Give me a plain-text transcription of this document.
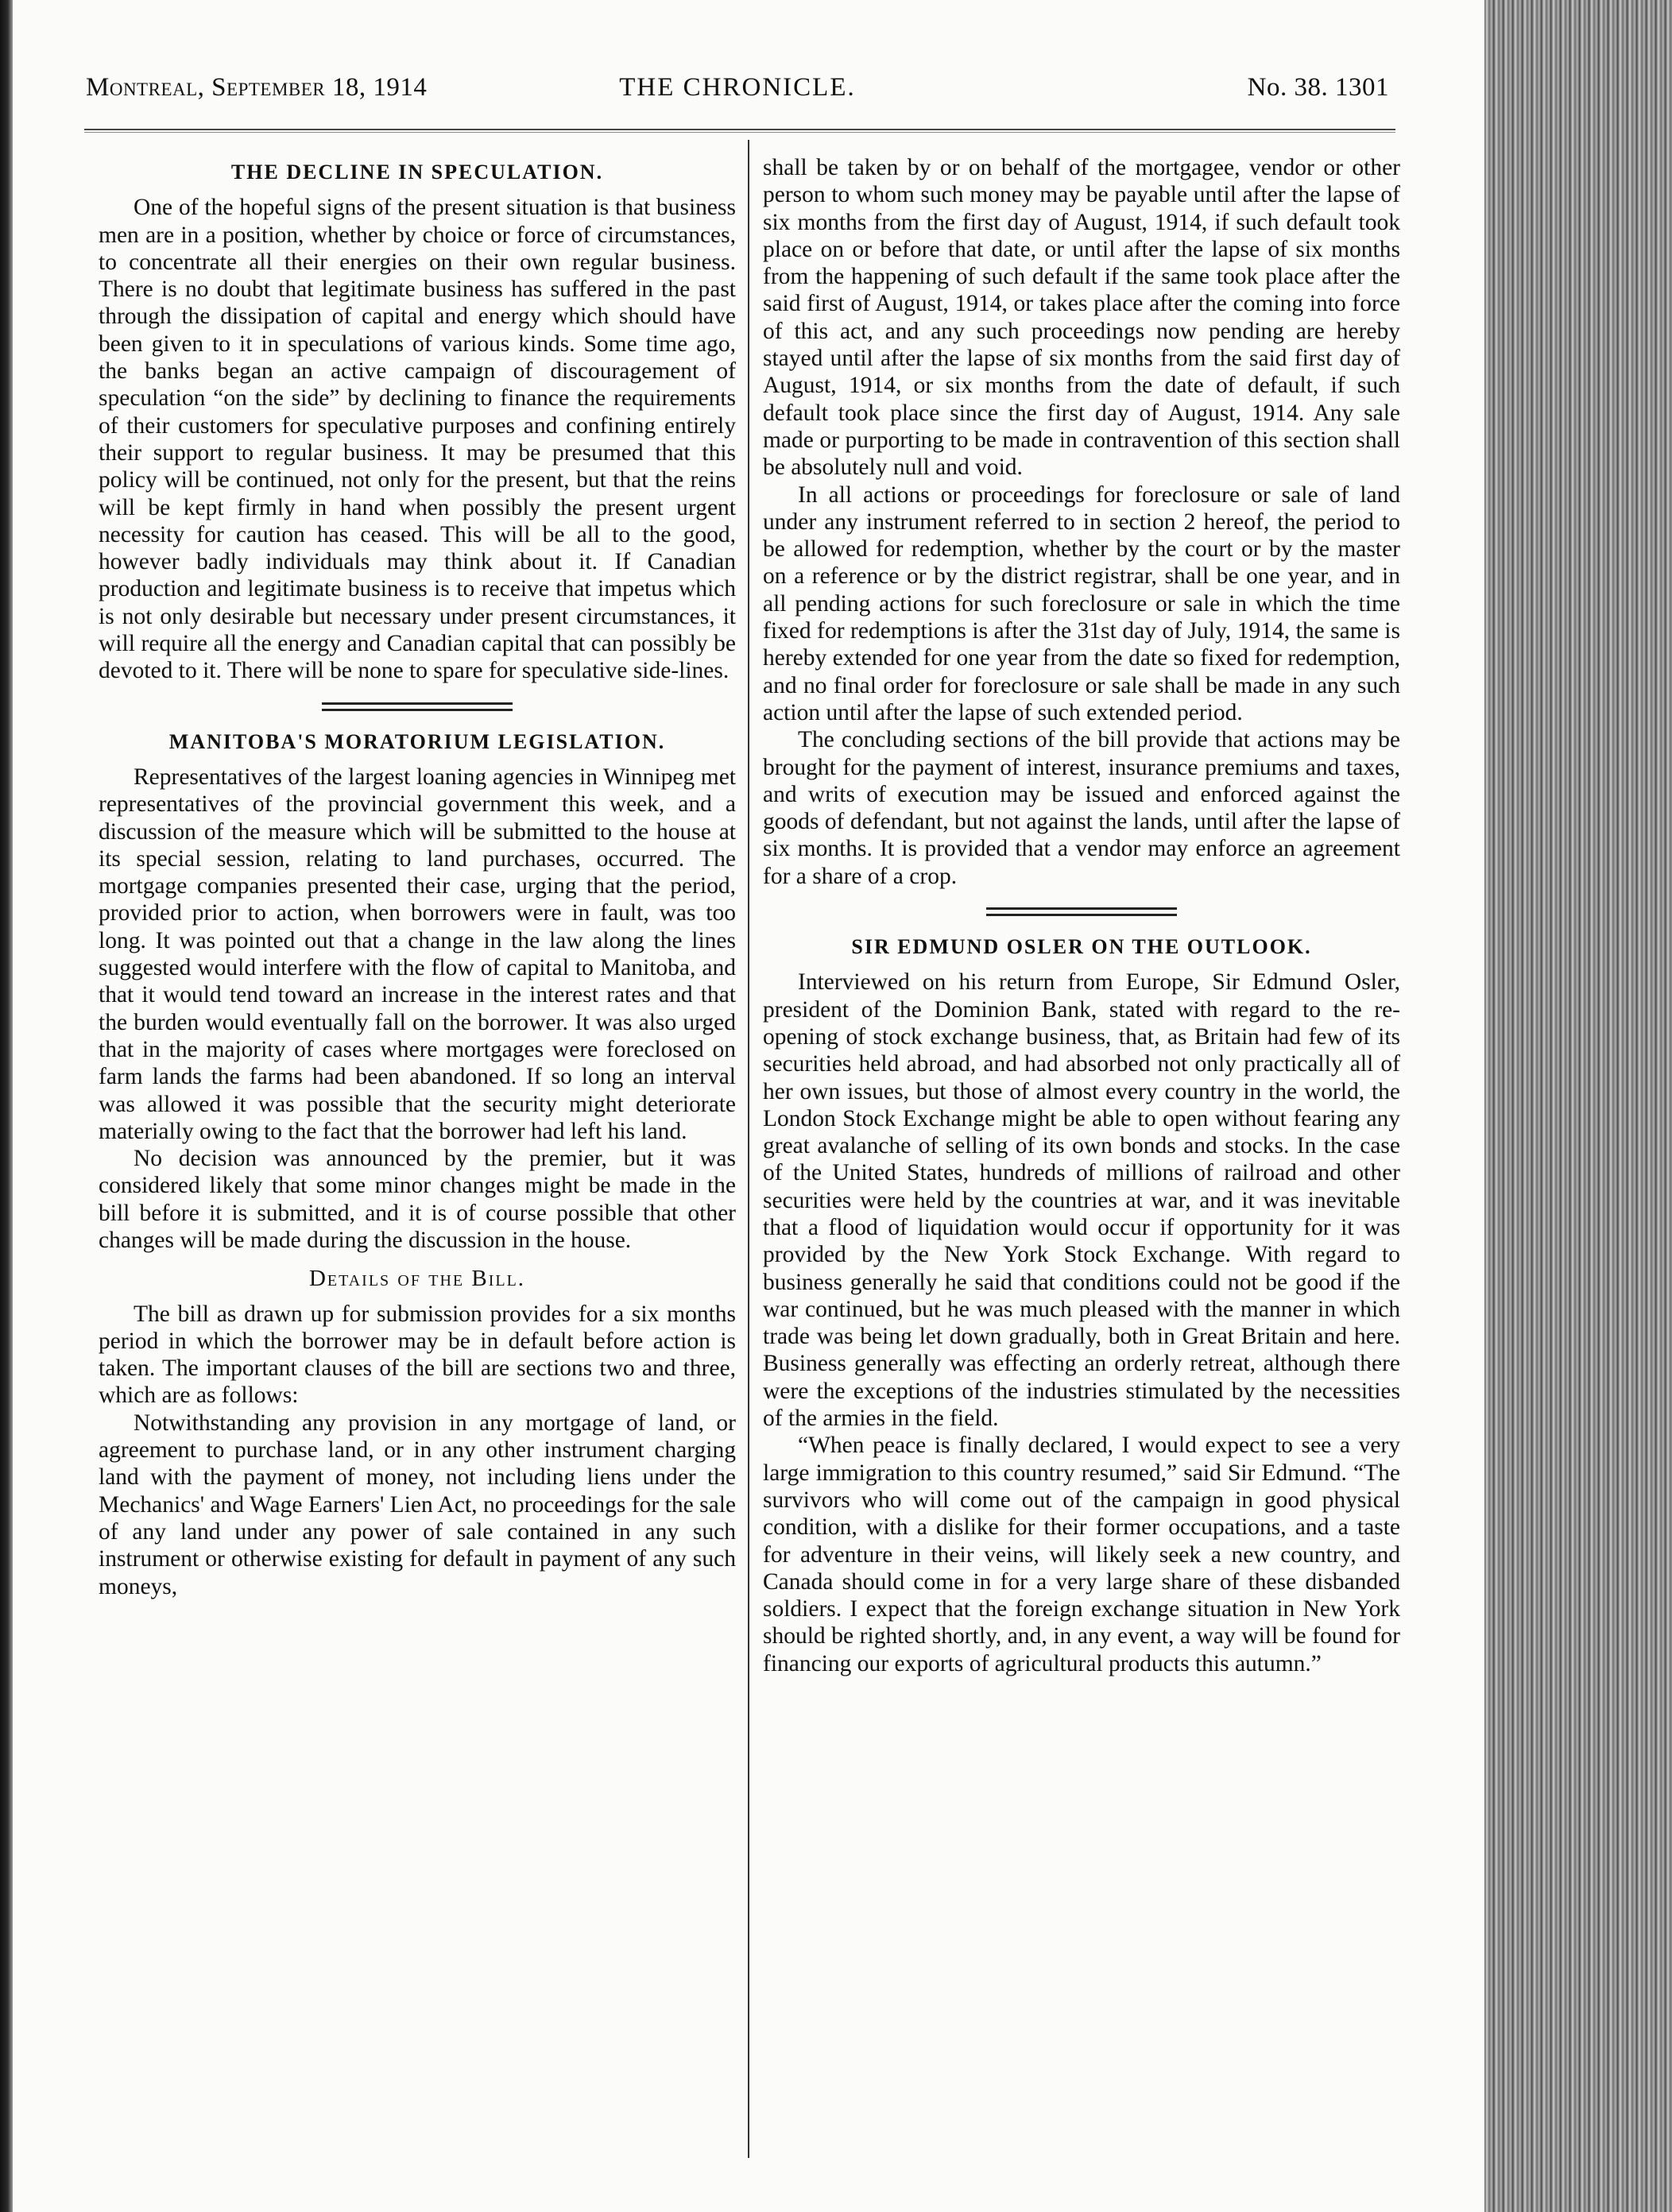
Montreal, September 18, 1914	THE CHRONICLE.	No. 38. 1301
THE DECLINE IN SPECULATION.

One of the hopeful signs of the present situation is that business men are in a position, whether by choice or force of circumstances, to concentrate all their energies on their own regular business. There is no doubt that legitimate business has suffered in the past through the dissipation of capital and energy which should have been given to it in speculations of various kinds. Some time ago, the banks began an active campaign of discouragement of speculation “on the side” by declining to finance the requirements of their customers for speculative purposes and confining entirely their support to regular business. It may be presumed that this policy will be continued, not only for the present, but that the reins will be kept firmly in hand when possibly the present urgent necessity for caution has ceased. This will be all to the good, however badly individuals may think about it. If Canadian production and legitimate business is to receive that impetus which is not only desirable but necessary under present circumstances, it will require all the energy and Canadian capital that can possibly be devoted to it. There will be none to spare for speculative side-lines.

MANITOBA'S MORATORIUM LEGISLATION.

Representatives of the largest loaning agencies in Winnipeg met representatives of the provincial government this week, and a discussion of the measure which will be submitted to the house at its special session, relating to land purchases, occurred. The mortgage companies presented their case, urging that the period, provided prior to action, when borrowers were in fault, was too long. It was pointed out that a change in the law along the lines suggested would interfere with the flow of capital to Manitoba, and that it would tend toward an increase in the interest rates and that the burden would eventually fall on the borrower. It was also urged that in the majority of cases where mortgages were foreclosed on farm lands the farms had been abandoned. If so long an interval was allowed it was possible that the security might deteriorate materially owing to the fact that the borrower had left his land.

No decision was announced by the premier, but it was considered likely that some minor changes might be made in the bill before it is submitted, and it is of course possible that other changes will be made during the discussion in the house.

Details of the Bill.

The bill as drawn up for submission provides for a six months period in which the borrower may be in default before action is taken. The important clauses of the bill are sections two and three, which are as follows:

Notwithstanding any provision in any mortgage of land, or agreement to purchase land, or in any other instrument charging land with the payment of money, not including liens under the Mechanics' and Wage Earners' Lien Act, no proceedings for the sale of any land under any power of sale contained in any such instrument or otherwise existing for default in payment of any such moneys,

shall be taken by or on behalf of the mortgagee, vendor or other person to whom such money may be payable until after the lapse of six months from the first day of August, 1914, if such default took place on or before that date, or until after the lapse of six months from the happening of such default if the same took place after the said first of August, 1914, or takes place after the coming into force of this act, and any such proceedings now pending are hereby stayed until after the lapse of six months from the said first day of August, 1914, or six months from the date of default, if such default took place since the first day of August, 1914. Any sale made or purporting to be made in contravention of this section shall be absolutely null and void.

In all actions or proceedings for foreclosure or sale of land under any instrument referred to in section 2 hereof, the period to be allowed for redemption, whether by the court or by the master on a reference or by the district registrar, shall be one year, and in all pending actions for such foreclosure or sale in which the time fixed for redemptions is after the 31st day of July, 1914, the same is hereby extended for one year from the date so fixed for redemption, and no final order for foreclosure or sale shall be made in any such action until after the lapse of such extended period.

The concluding sections of the bill provide that actions may be brought for the payment of interest, insurance premiums and taxes, and writs of execution may be issued and enforced against the goods of defendant, but not against the lands, until after the lapse of six months. It is provided that a vendor may enforce an agreement for a share of a crop.

SIR EDMUND OSLER ON THE OUTLOOK.

Interviewed on his return from Europe, Sir Edmund Osler, president of the Dominion Bank, stated with regard to the re-opening of stock exchange business, that, as Britain had few of its securities held abroad, and had absorbed not only practically all of her own issues, but those of almost every country in the world, the London Stock Exchange might be able to open without fearing any great avalanche of selling of its own bonds and stocks. In the case of the United States, hundreds of millions of railroad and other securities were held by the countries at war, and it was inevitable that a flood of liquidation would occur if opportunity for it was provided by the New York Stock Exchange. With regard to business generally he said that conditions could not be good if the war continued, but he was much pleased with the manner in which trade was being let down gradually, both in Great Britain and here. Business generally was effecting an orderly retreat, although there were the exceptions of the industries stimulated by the necessities of the armies in the field.

“When peace is finally declared, I would expect to see a very large immigration to this country resumed,” said Sir Edmund. “The survivors who will come out of the campaign in good physical condition, with a dislike for their former occupations, and a taste for adventure in their veins, will likely seek a new country, and Canada should come in for a very large share of these disbanded soldiers. I expect that the foreign exchange situation in New York should be righted shortly, and, in any event, a way will be found for financing our exports of agricultural products this autumn.”
